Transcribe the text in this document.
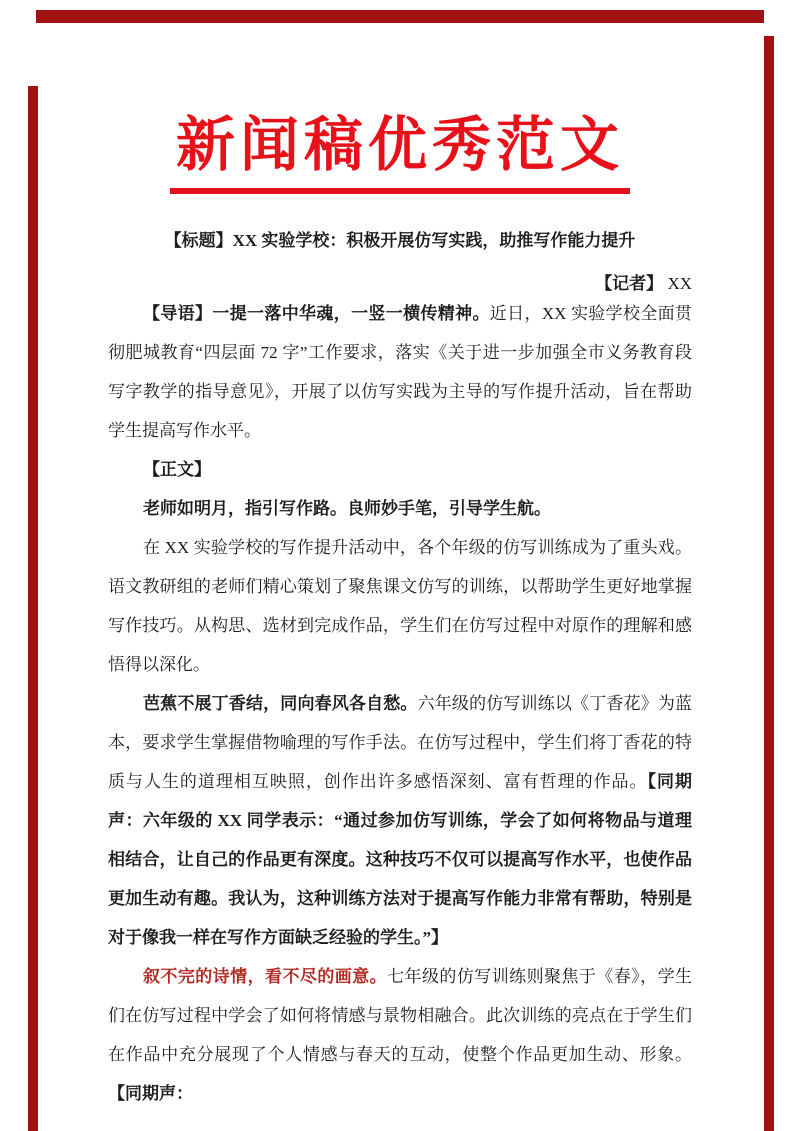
新闻稿优秀范文

【标题】XX 实验学校：积极开展仿写实践，助推写作能力提升

【记者】 XX

【导语】一提一落中华魂，一竖一横传精神。近日，XX 实验学校全面贯彻肥城教育“四层面 72 字”工作要求，落实《关于进一步加强全市义务教育段写字教学的指导意见》，开展了以仿写实践为主导的写作提升活动，旨在帮助学生提高写作水平。

【正文】

老师如明月，指引写作路。良师妙手笔，引导学生航。

在 XX 实验学校的写作提升活动中，各个年级的仿写训练成为了重头戏。语文教研组的老师们精心策划了聚焦课文仿写的训练，以帮助学生更好地掌握写作技巧。从构思、选材到完成作品，学生们在仿写过程中对原作的理解和感悟得以深化。

芭蕉不展丁香结，同向春风各自愁。六年级的仿写训练以《丁香花》为蓝本，要求学生掌握借物喻理的写作手法。在仿写过程中，学生们将丁香花的特质与人生的道理相互映照，创作出许多感悟深刻、富有哲理的作品。【同期声：六年级的 XX 同学表示：“通过参加仿写训练，学会了如何将物品与道理相结合，让自己的作品更有深度。这种技巧不仅可以提高写作水平，也使作品更加生动有趣。我认为，这种训练方法对于提高写作能力非常有帮助，特别是对于像我一样在写作方面缺乏经验的学生。”】

叙不完的诗情，看不尽的画意。七年级的仿写训练则聚焦于《春》，学生们在仿写过程中学会了如何将情感与景物相融合。此次训练的亮点在于学生们在作品中充分展现了个人情感与春天的互动，使整个作品更加生动、形象。【同期声：
